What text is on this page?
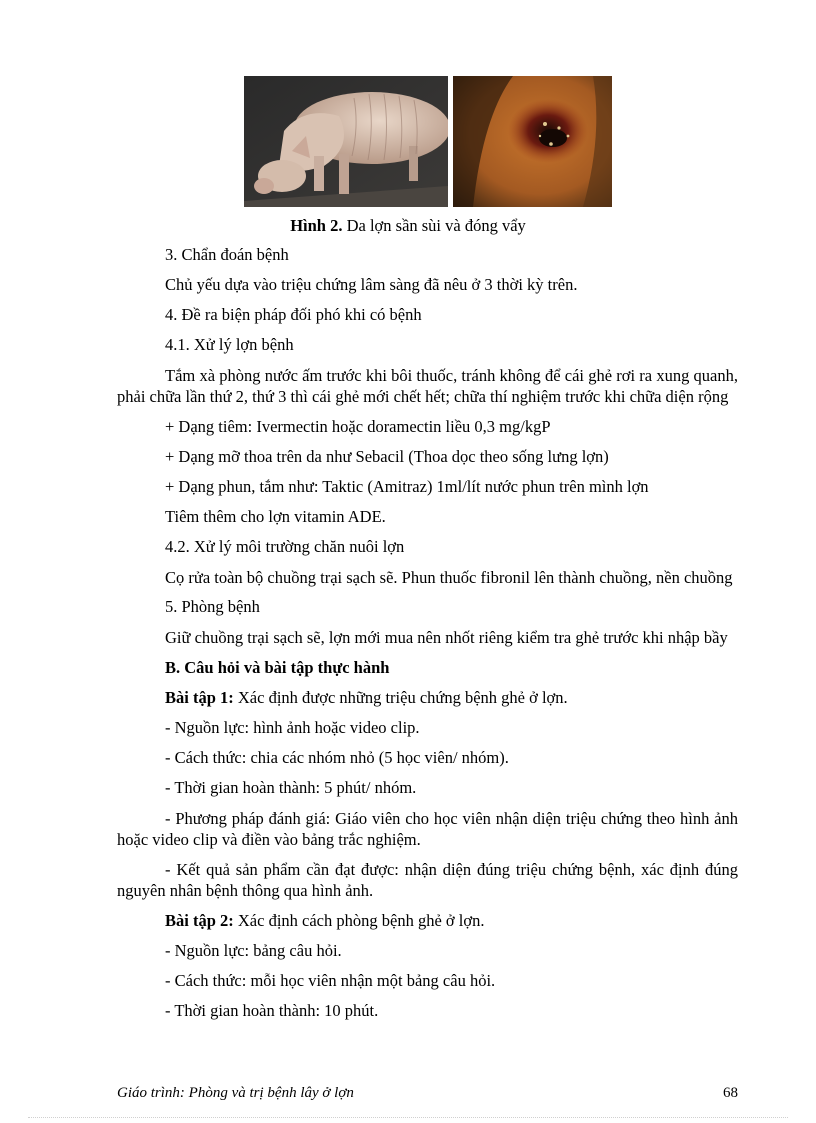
Hình 2. Da lợn sần sùi và đóng vẩy

3. Chẩn đoán bệnh

Chủ yếu dựa vào triệu chứng lâm sàng đã nêu ở 3 thời kỳ trên.

4. Đề ra biện pháp đối phó khi có bệnh

4.1. Xử lý lợn bệnh

Tắm xà phòng nước ấm trước khi bôi thuốc, tránh không để cái ghẻ rơi ra xung quanh, phải chữa lần thứ 2, thứ 3 thì cái ghẻ mới chết hết; chữa thí nghiệm trước khi chữa diện rộng

+ Dạng tiêm: Ivermectin hoặc doramectin liều 0,3 mg/kgP

+ Dạng mỡ thoa trên da như Sebacil (Thoa dọc theo sống lưng lợn)

+ Dạng phun, tắm như: Taktic (Amitraz) 1ml/lít nước phun trên mình lợn

Tiêm thêm cho lợn vitamin ADE.

4.2. Xử lý môi trường chăn nuôi lợn

Cọ rửa toàn bộ chuồng trại sạch sẽ. Phun thuốc fibronil lên thành chuồng, nền chuồng

5. Phòng bệnh

Giữ chuồng trại sạch sẽ, lợn mới mua nên nhốt riêng kiểm tra ghẻ trước khi nhập bầy

B. Câu hỏi và bài tập thực hành

Bài tập 1: Xác định được những triệu chứng bệnh ghẻ ở lợn.

- Nguồn lực: hình ảnh hoặc video clip.

- Cách thức: chia các nhóm nhỏ (5 học viên/ nhóm).

- Thời gian hoàn thành: 5 phút/ nhóm.

- Phương pháp đánh giá: Giáo viên cho học viên nhận diện triệu chứng theo hình ảnh hoặc video clip và điền vào bảng trắc nghiệm.

- Kết quả sản phẩm cần đạt được: nhận diện đúng triệu chứng bệnh, xác định đúng nguyên nhân bệnh thông qua hình ảnh.

Bài tập 2: Xác định cách phòng bệnh ghẻ ở lợn.

- Nguồn lực: bảng câu hỏi.

- Cách thức: mỗi học viên nhận một bảng câu hỏi.

- Thời gian hoàn thành: 10 phút.

Giáo trình: Phòng và trị bệnh lây ở lợn	68
